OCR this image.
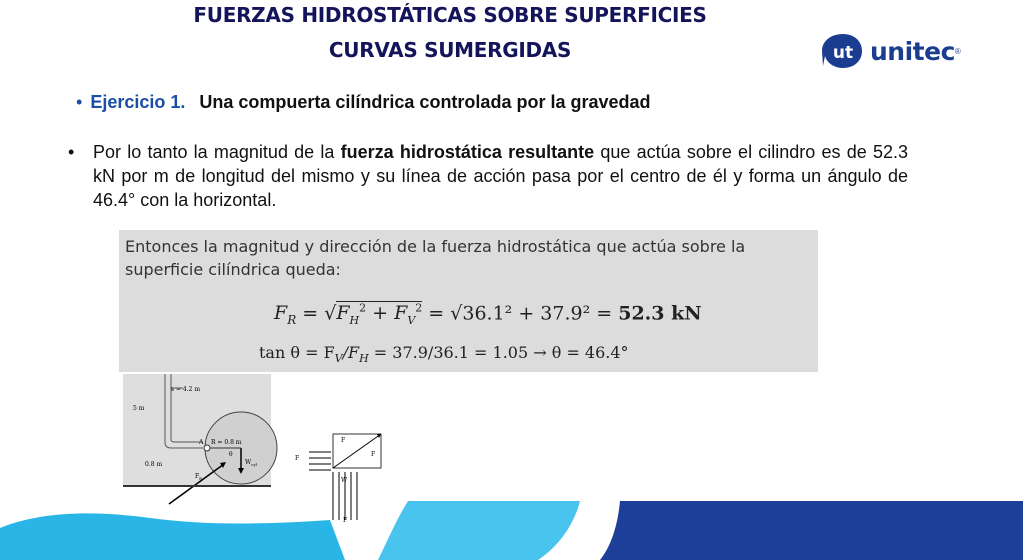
FUERZAS HIDROSTÁTICAS SOBRE SUPERFICIES
CURVAS SUMERGIDAS	ut unitec ®
• Ejercicio 1. Una compuerta cilíndrica controlada por la gravedad
• Por lo tanto la magnitud de la fuerza hidrostática resultante que actúa sobre el cilindro es de 52.3 kN por m de longitud del mismo y su línea de acción pasa por el centro de él y forma un ángulo de 46.4° con la horizontal.
Entonces la magnitud y dirección de la fuerza hidrostática que actúa sobre la superficie cilíndrica queda:
$F_R = √F_H^2 + F_V^2 = √36.1^2 + 37.9^2 = 52.3$ kN
$\tan \theta = F_V/F_H = 37.9/36.1 = 1.05 \to \theta = 46.4^\circ$
s = 4.2 m
5 m
0.8 m
A R = 0.8 m
θ
$W_{cyl}$
$F_R$
F
F
F
W
F
